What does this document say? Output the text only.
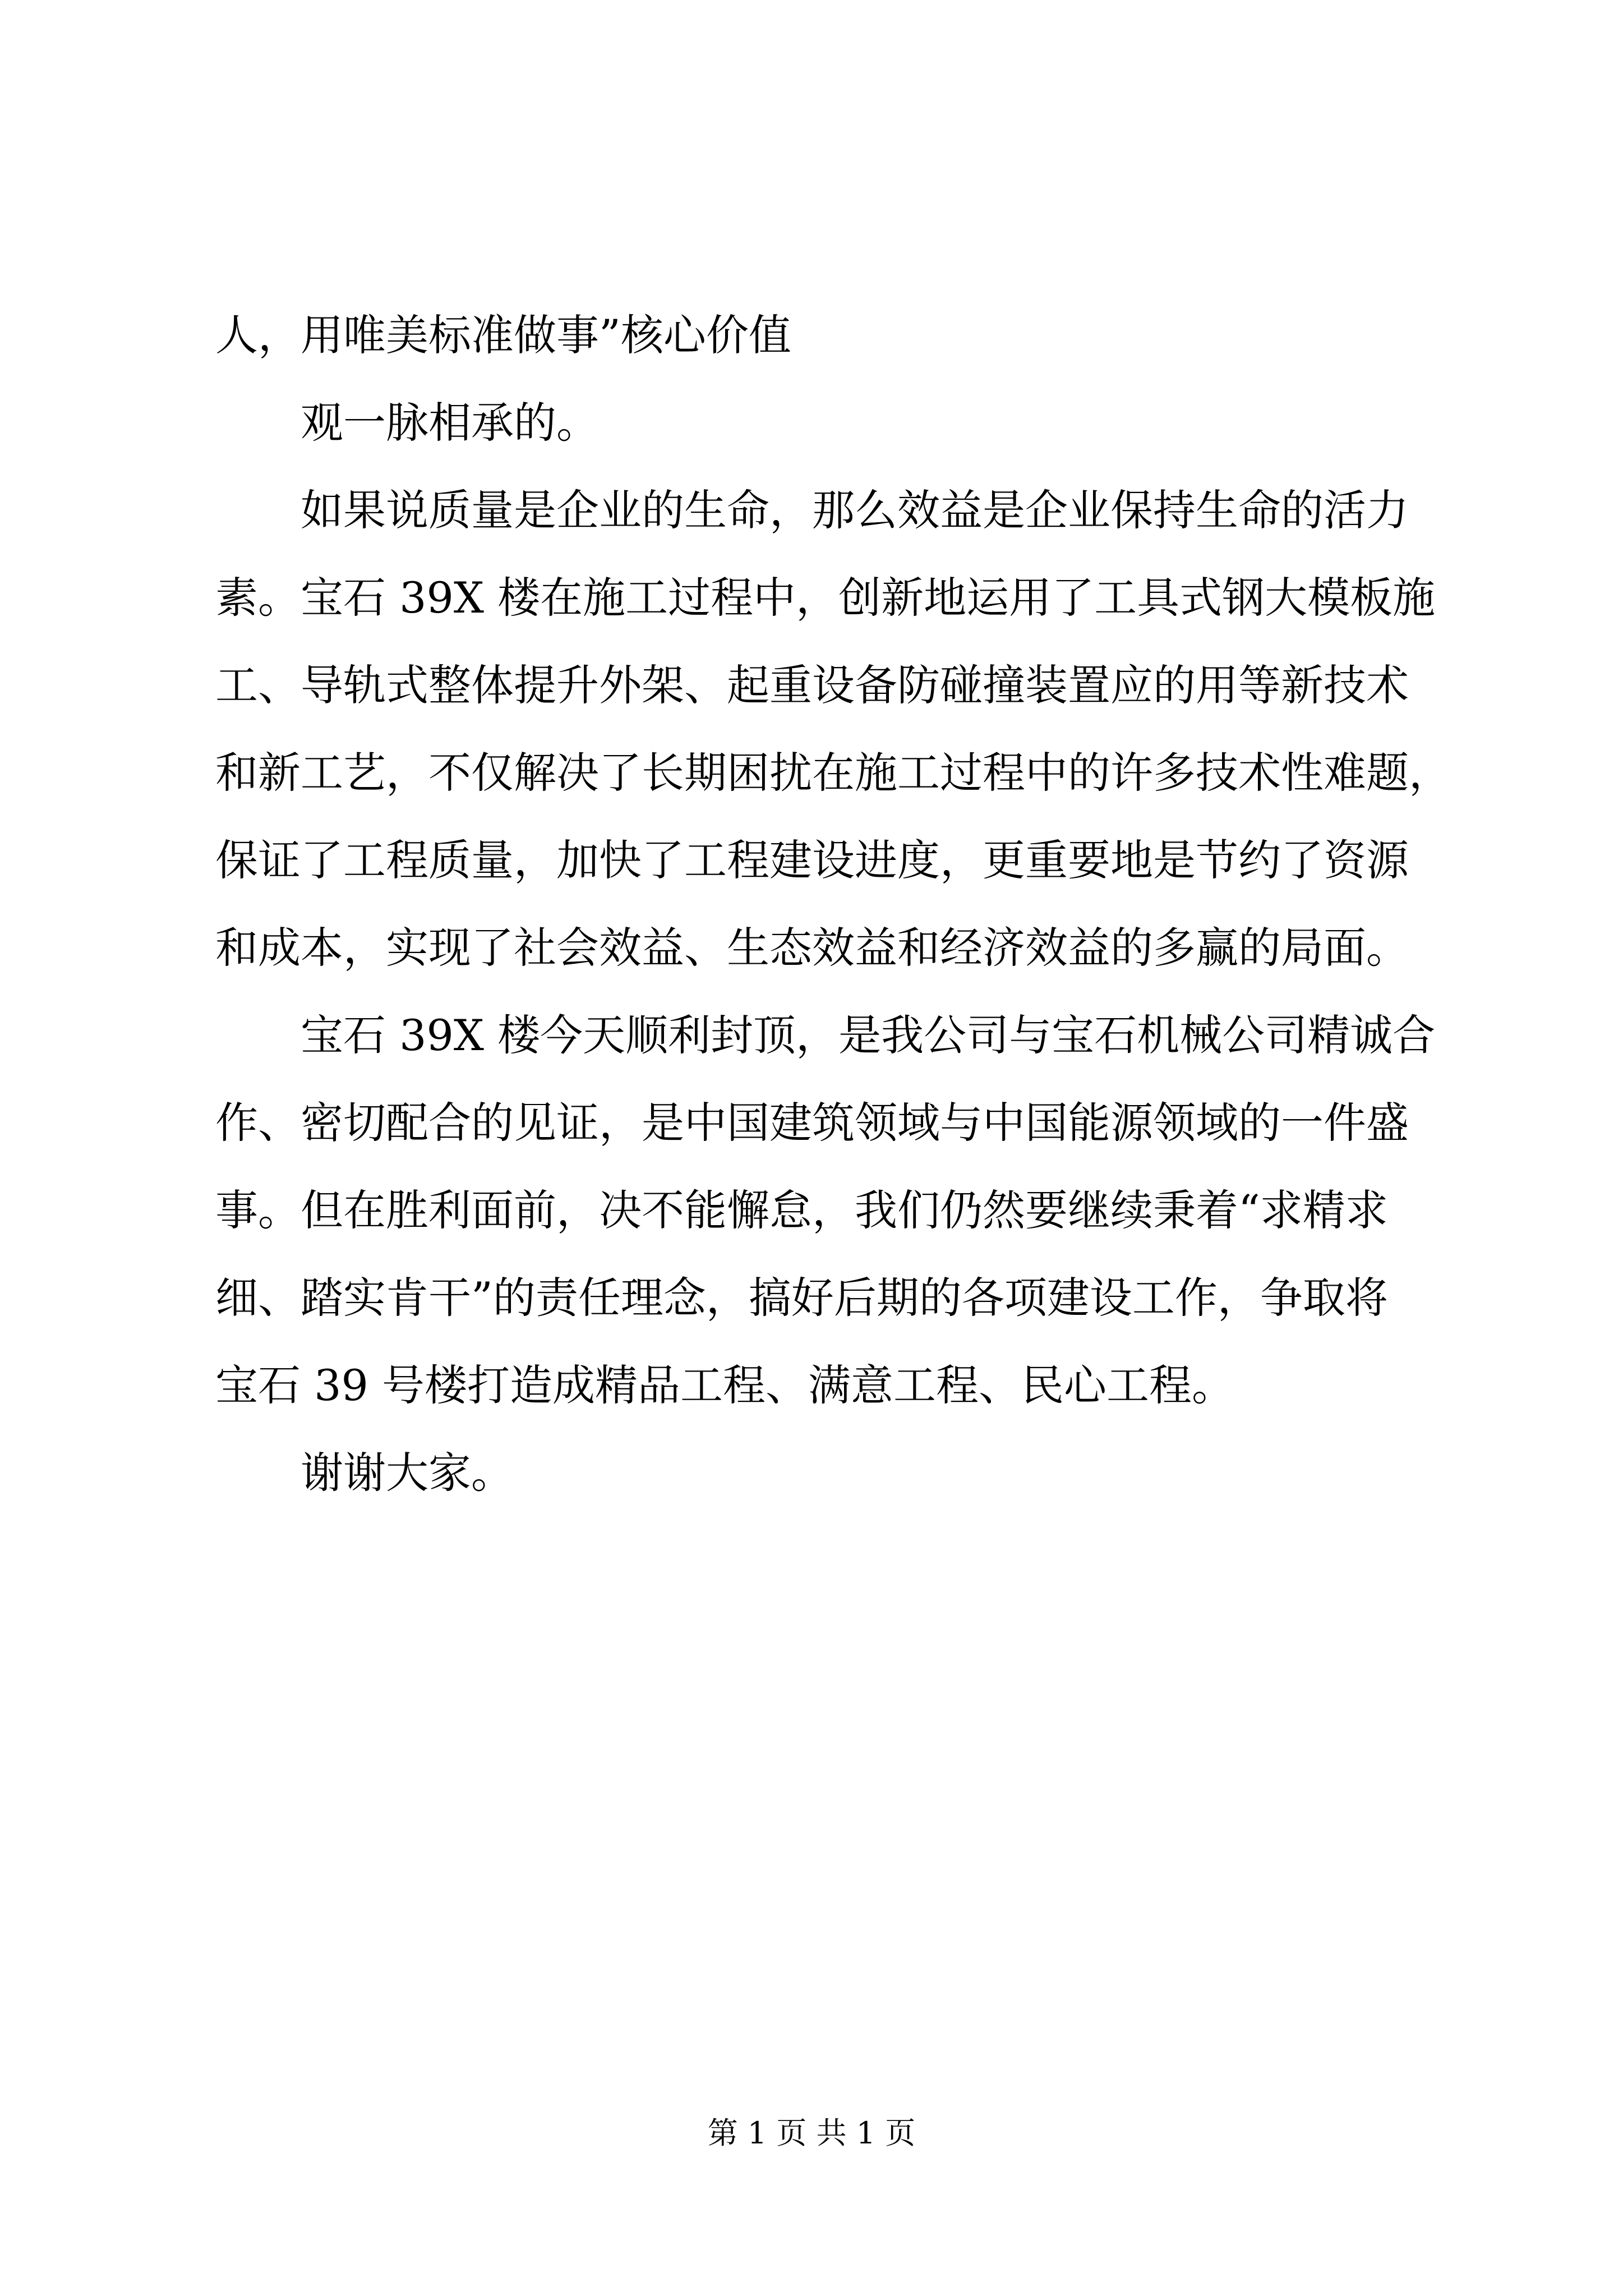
人，用唯美标准做事”核心价值
观一脉相承的。
如果说质量是企业的生命，那么效益是企业保持生命的活力
素。宝石 39X 楼在施工过程中，创新地运用了工具式钢大模板施
工、导轨式整体提升外架、起重设备防碰撞装置应的用等新技术
和新工艺，不仅解决了长期困扰在施工过程中的许多技术性难题，
保证了工程质量，加快了工程建设进度，更重要地是节约了资源
和成本，实现了社会效益、生态效益和经济效益的多赢的局面。
宝石 39X 楼今天顺利封顶，是我公司与宝石机械公司精诚合
作、密切配合的见证，是中国建筑领域与中国能源领域的一件盛
事。但在胜利面前，决不能懈怠，我们仍然要继续秉着“求精求
细、踏实肯干”的责任理念，搞好后期的各项建设工作，争取将
宝石 39 号楼打造成精品工程、满意工程、民心工程。
谢谢大家。
第 1 页 共 1 页
